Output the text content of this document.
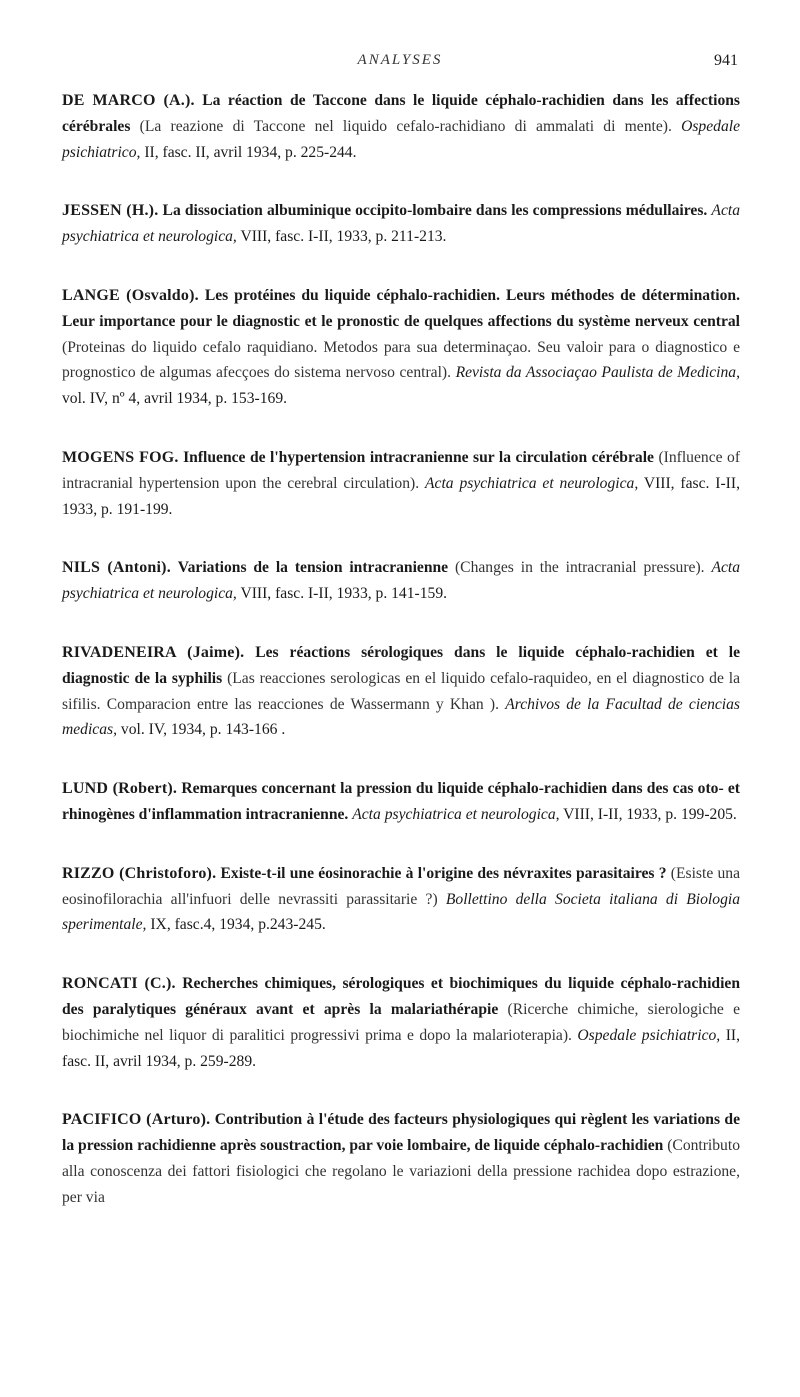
ANALYSES	941

DE MARCO (A.). La réaction de Taccone dans le liquide céphalo-rachidien dans les affections cérébrales (La reazione di Taccone nel liquido cefalo-rachidiano di ammalati di mente). Ospedale psichiatrico, II, fasc. II, avril 1934, p. 225-244.

JESSEN (H.). La dissociation albuminique occipito-lombaire dans les compressions médullaires. Acta psychiatrica et neurologica, VIII, fasc. I-II, 1933, p. 211-213.

LANGE (Osvaldo). Les protéines du liquide céphalo-rachidien. Leurs méthodes de détermination. Leur importance pour le diagnostic et le pronostic de quelques affections du système nerveux central (Proteinas do liquido cefalo raquidiano. Metodos para sua determinaçao. Seu valoir para o diagnostico e prognostico de algumas afecçoes do sistema nervoso central). Revista da Associaçao Paulista de Medicina, vol. IV, nº 4, avril 1934, p. 153-169.

MOGENS FOG. Influence de l'hypertension intracranienne sur la circulation cérébrale (Influence of intracranial hypertension upon the cerebral circulation). Acta psychiatrica et neurologica, VIII, fasc. I-II, 1933, p. 191-199.

NILS (Antoni). Variations de la tension intracranienne (Changes in the intracranial pressure). Acta psychiatrica et neurologica, VIII, fasc. I-II, 1933, p. 141-159.

RIVADENEIRA (Jaime). Les réactions sérologiques dans le liquide céphalo-rachidien et le diagnostic de la syphilis (Las reacciones serologicas en el liquido cefalo-raquideo, en el diagnostico de la sifilis. Comparacion entre las reacciones de Wassermann y Khan ). Archivos de la Facultad de ciencias medicas, vol. IV, 1934, p. 143-166 .

LUND (Robert). Remarques concernant la pression du liquide céphalo-rachidien dans des cas oto- et rhinogènes d'inflammation intracranienne. Acta psychiatrica et neurologica, VIII, I-II, 1933, p. 199-205.

RIZZO (Christoforo). Existe-t-il une éosinorachie à l'origine des névraxites parasitaires ? (Esiste una eosinofilorachia all'infuori delle nevrassiti parassitarie ?) Bollettino della Societa italiana di Biologia sperimentale, IX, fasc.4, 1934, p.243-245.

RONCATI (C.). Recherches chimiques, sérologiques et biochimiques du liquide céphalo-rachidien des paralytiques généraux avant et après la malariathérapie (Ricerche chimiche, sierologiche e biochimiche nel liquor di paralitici progressivi prima e dopo la malarioterapia). Ospedale psichiatrico, II, fasc. II, avril 1934, p. 259-289.

PACIFICO (Arturo). Contribution à l'étude des facteurs physiologiques qui règlent les variations de la pression rachidienne après soustraction, par voie lombaire, de liquide céphalo-rachidien (Contributo alla conoscenza dei fattori fisiologici che regolano le variazioni della pressione rachidea dopo estrazione, per via
